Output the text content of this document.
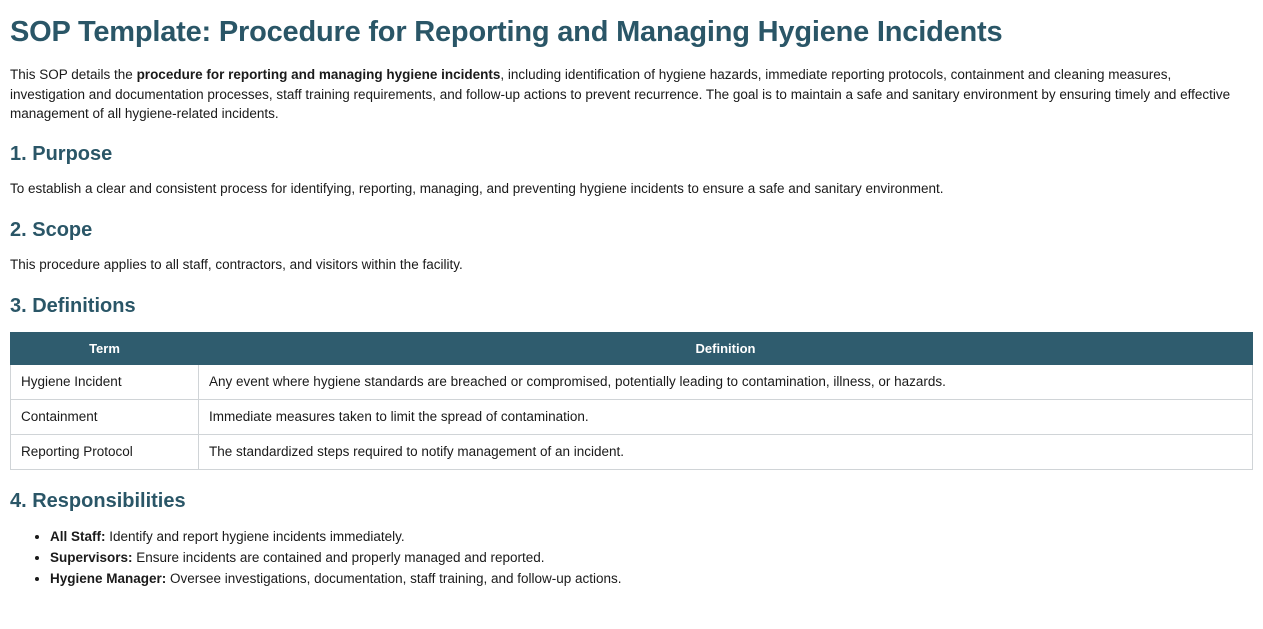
SOP Template: Procedure for Reporting and Managing Hygiene Incidents

This SOP details the procedure for reporting and managing hygiene incidents, including identification of hygiene hazards, immediate reporting protocols, containment and cleaning measures, investigation and documentation processes, staff training requirements, and follow-up actions to prevent recurrence. The goal is to maintain a safe and sanitary environment by ensuring timely and effective management of all hygiene-related incidents.

1. Purpose

To establish a clear and consistent process for identifying, reporting, managing, and preventing hygiene incidents to ensure a safe and sanitary environment.

2. Scope

This procedure applies to all staff, contractors, and visitors within the facility.

3. Definitions
Term	Definition
Hygiene Incident	Any event where hygiene standards are breached or compromised, potentially leading to contamination, illness, or hazards.
Containment	Immediate measures taken to limit the spread of contamination.
Reporting Protocol	The standardized steps required to notify management of an incident.
4. Responsibilities
• All Staff: Identify and report hygiene incidents immediately.
• Supervisors: Ensure incidents are contained and properly managed and reported.
• Hygiene Manager: Oversee investigations, documentation, staff training, and follow-up actions.
